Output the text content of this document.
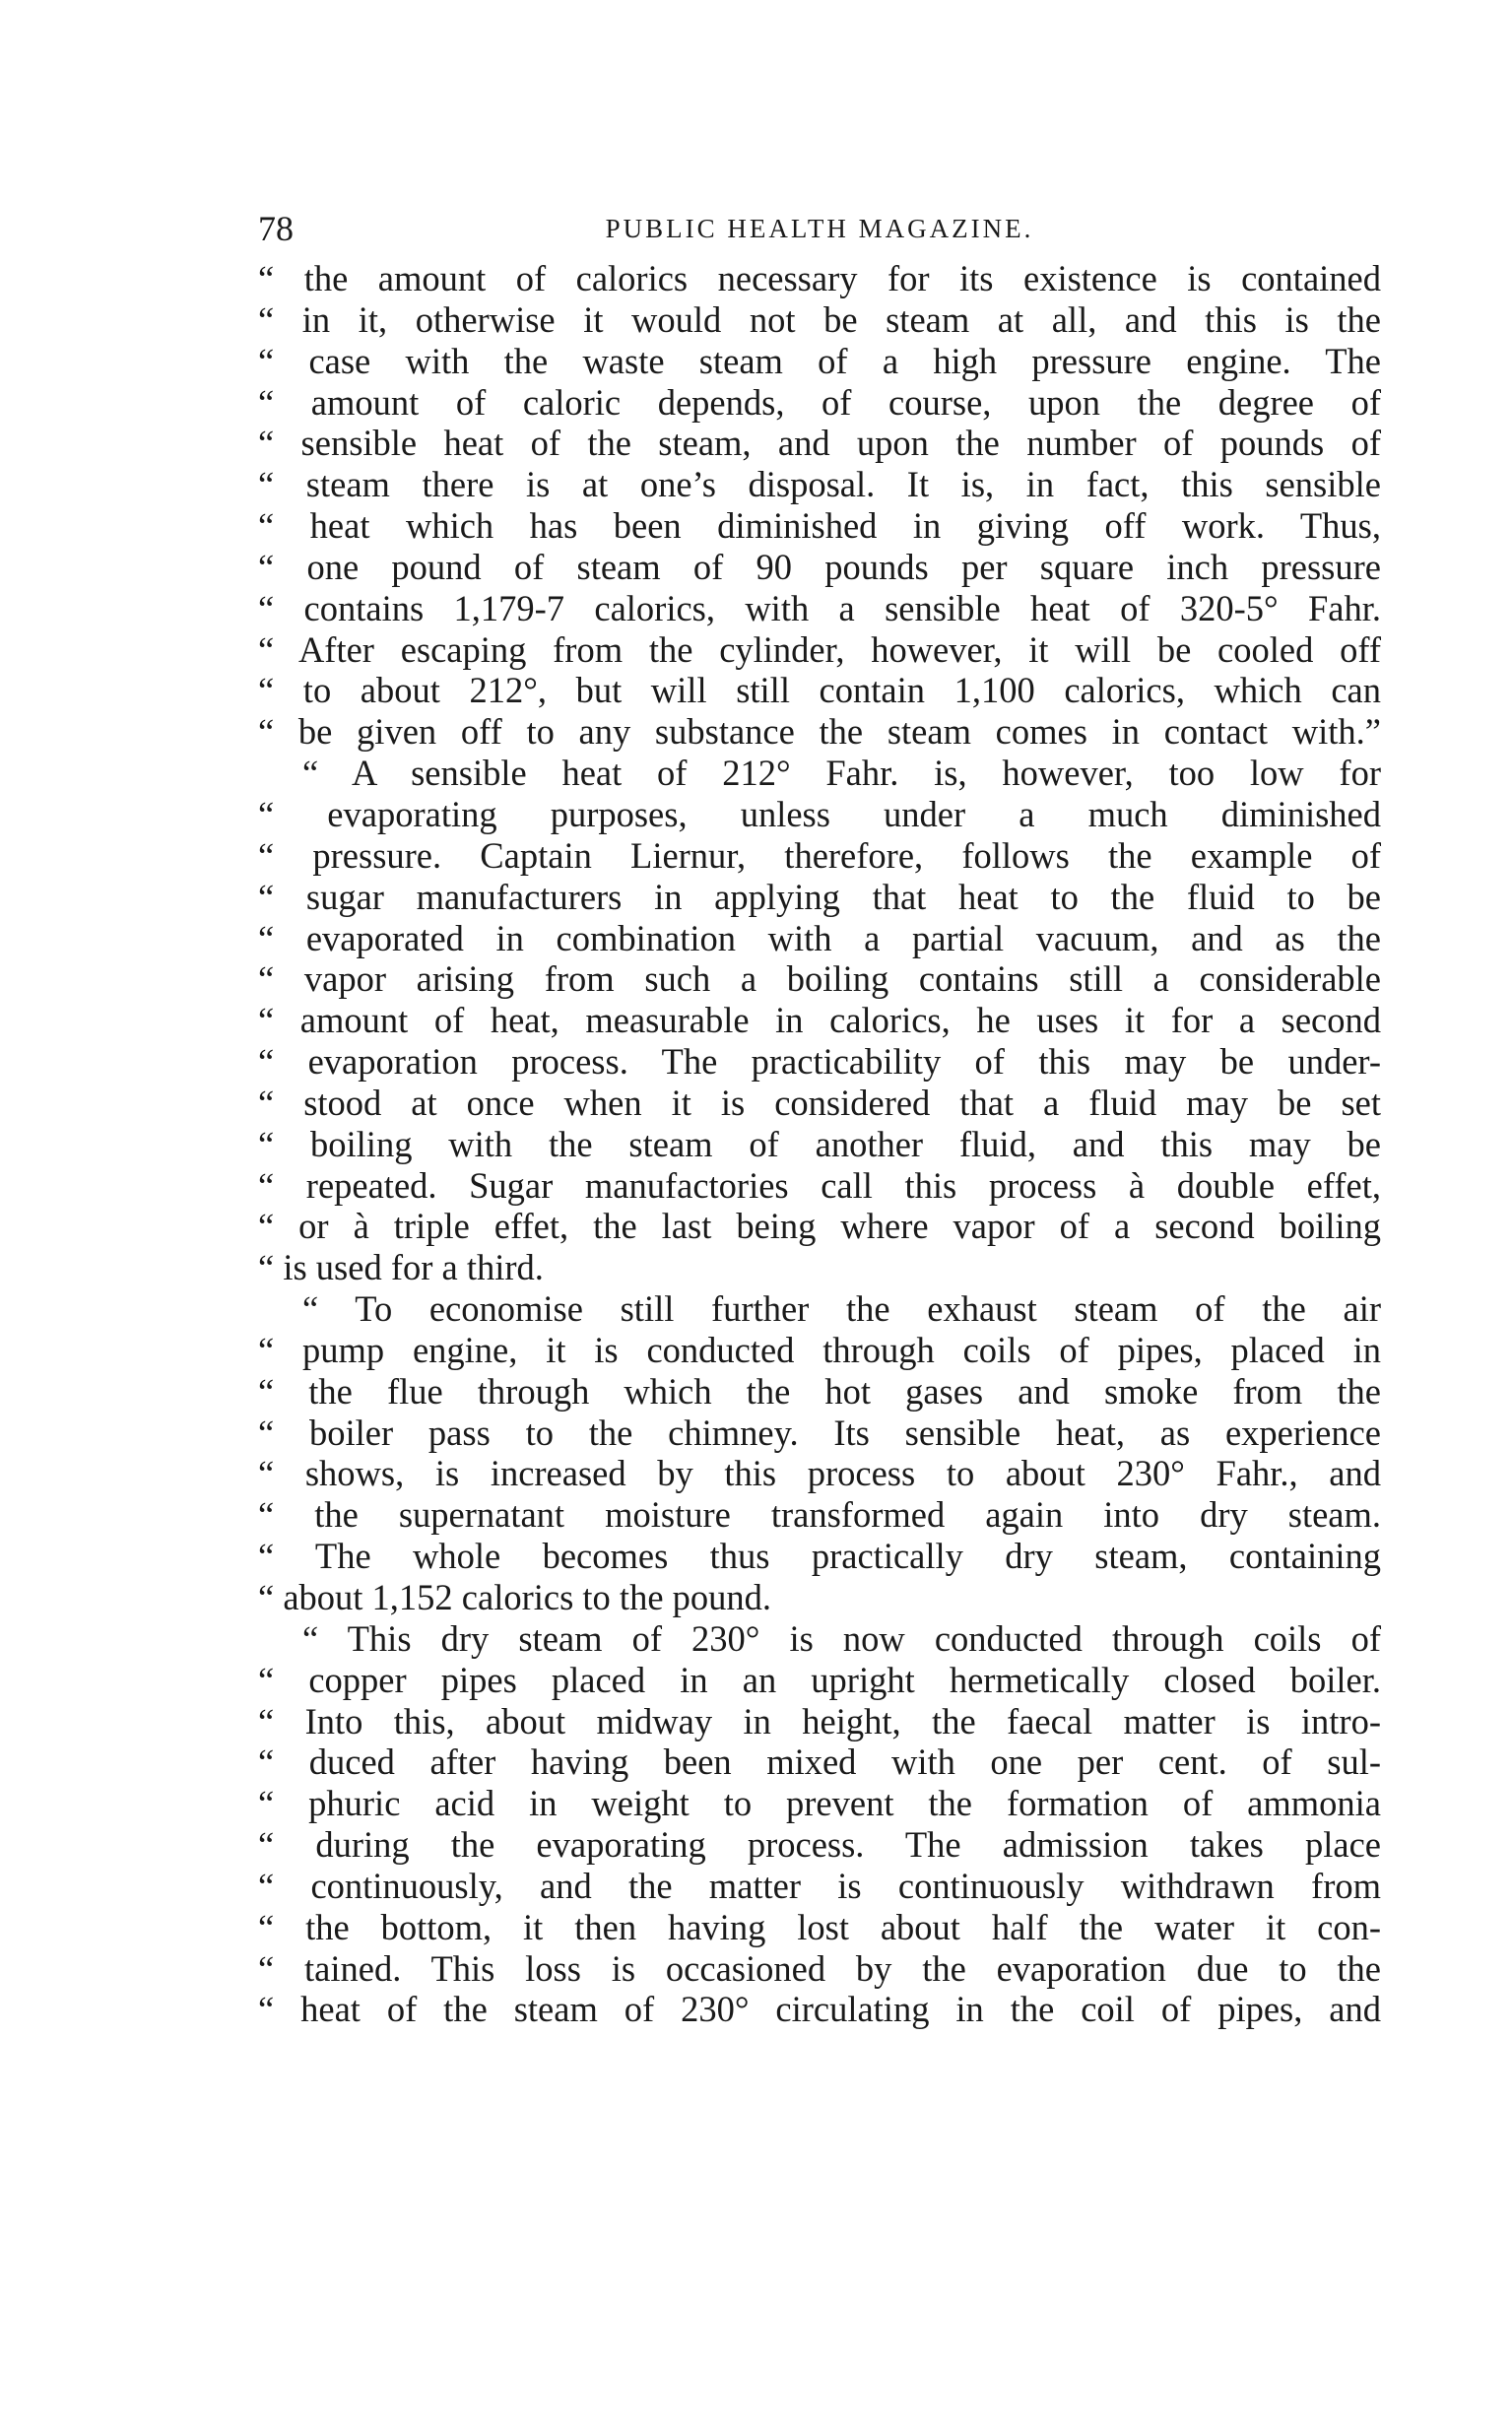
78	PUBLIC HEALTH MAGAZINE.
“ the amount of calorics necessary for its existence is contained
“ in it, otherwise it would not be steam at all, and this is the
“ case with the waste steam of a high pressure engine. The
“ amount of caloric depends, of course, upon the degree of
“ sensible heat of the steam, and upon the number of pounds of
“ steam there is at one’s disposal. It is, in fact, this sensible
“ heat which has been diminished in giving off work. Thus,
“ one pound of steam of 90 pounds per square inch pressure
“ contains 1,179-7 calorics, with a sensible heat of 320-5° Fahr.
“ After escaping from the cylinder, however, it will be cooled off
“ to about 212°, but will still contain 1,100 calorics, which can
“ be given off to any substance the steam comes in contact with.”
“ A sensible heat of 212° Fahr. is, however, too low for
“ evaporating purposes, unless under a much diminished
“ pressure. Captain Liernur, therefore, follows the example of
“ sugar manufacturers in applying that heat to the fluid to be
“ evaporated in combination with a partial vacuum, and as the
“ vapor arising from such a boiling contains still a considerable
“ amount of heat, measurable in calorics, he uses it for a second
“ evaporation process. The practicability of this may be under-
“ stood at once when it is considered that a fluid may be set
“ boiling with the steam of another fluid, and this may be
“ repeated. Sugar manufactories call this process à double effet,
“ or à triple effet, the last being where vapor of a second boiling
“ is used for a third.
“ To economise still further the exhaust steam of the air
“ pump engine, it is conducted through coils of pipes, placed in
“ the flue through which the hot gases and smoke from the
“ boiler pass to the chimney. Its sensible heat, as experience
“ shows, is increased by this process to about 230° Fahr., and
“ the supernatant moisture transformed again into dry steam.
“ The whole becomes thus practically dry steam, containing
“ about 1,152 calorics to the pound.
“ This dry steam of 230° is now conducted through coils of
“ copper pipes placed in an upright hermetically closed boiler.
“ Into this, about midway in height, the faecal matter is intro-
“ duced after having been mixed with one per cent. of sul-
“ phuric acid in weight to prevent the formation of ammonia
“ during the evaporating process. The admission takes place
“ continuously, and the matter is continuously withdrawn from
“ the bottom, it then having lost about half the water it con-
“ tained. This loss is occasioned by the evaporation due to the
“ heat of the steam of 230° circulating in the coil of pipes, and
